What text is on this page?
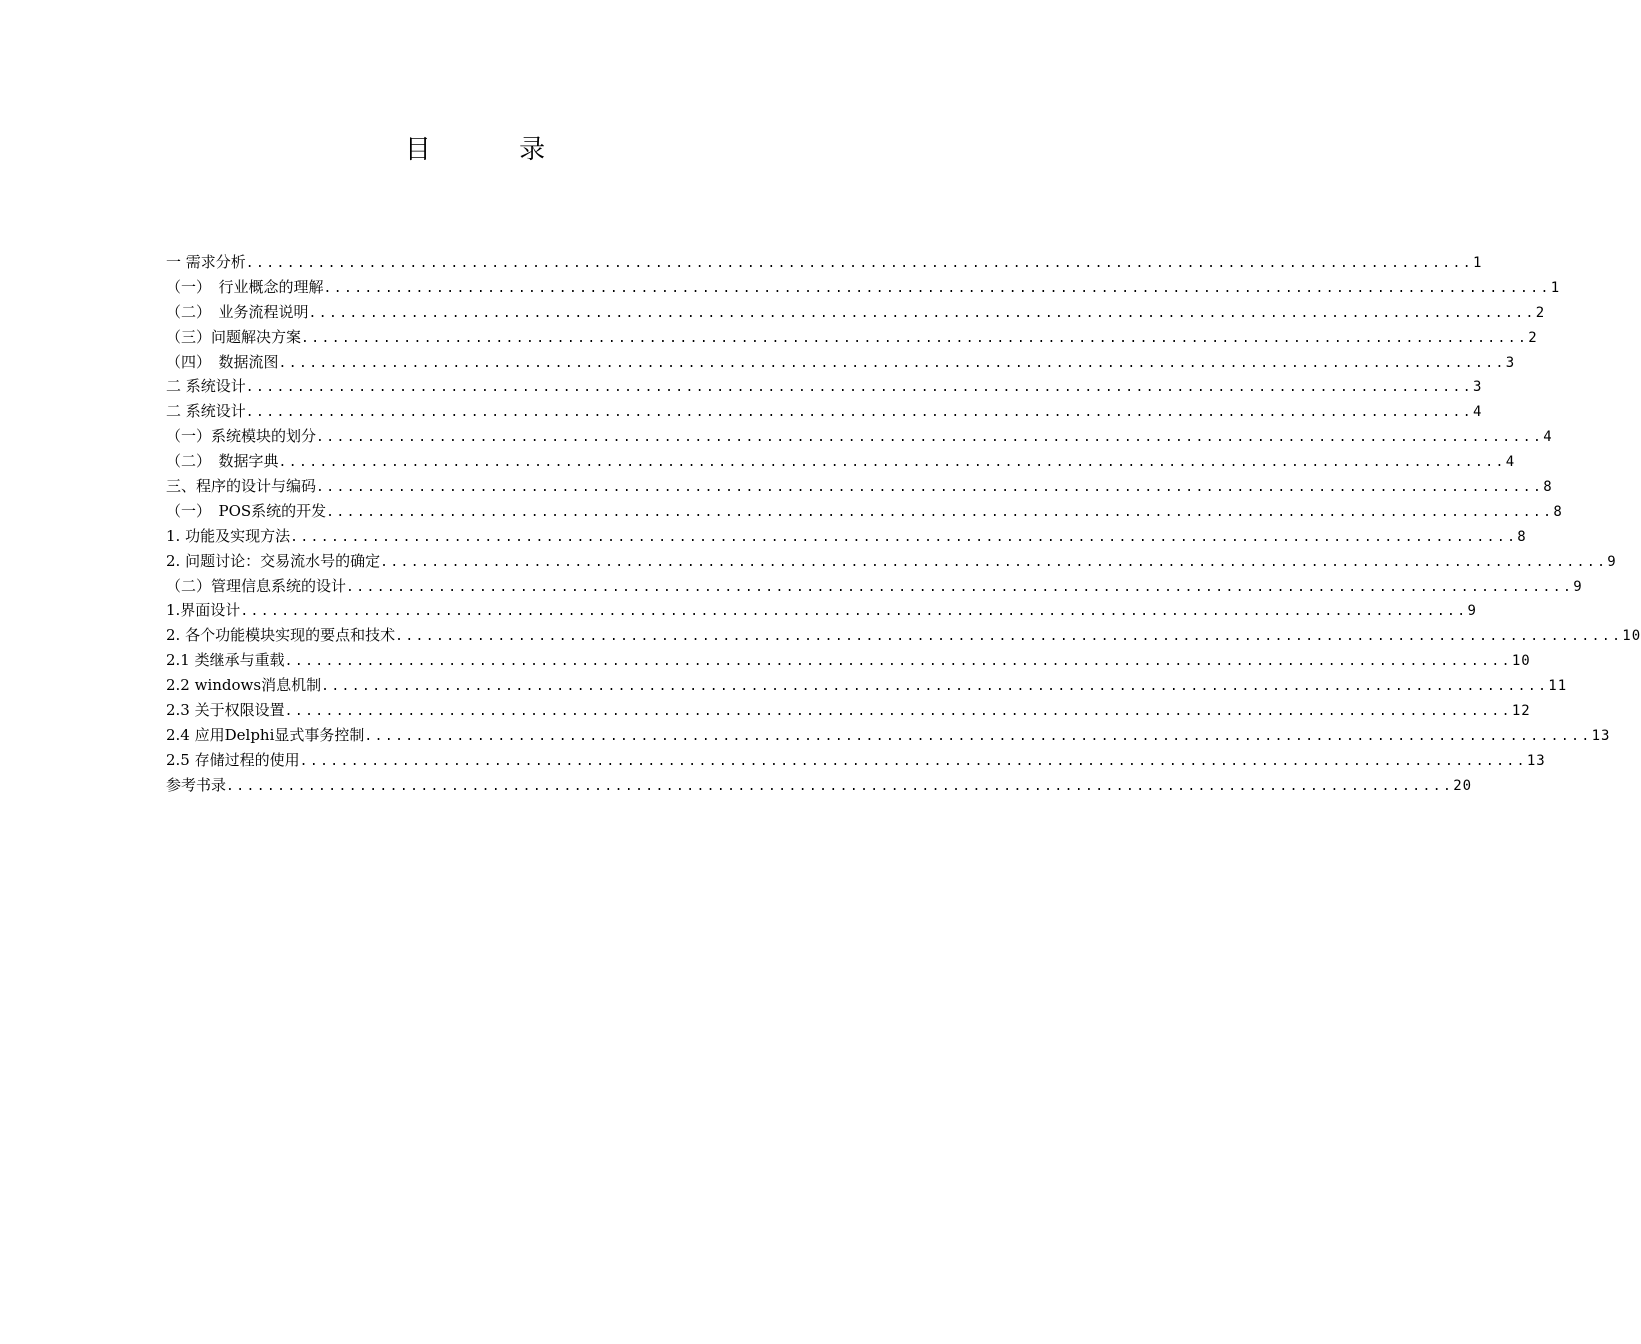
目 录
一 需求分析 ........................................................................................................................ 1
（一）　行业概念的理解 ........................................................................................................................ 1
（二）　业务流程说明 ........................................................................................................................ 2
（三）问题解决方案 ........................................................................................................................ 2
（四）　数据流图 ........................................................................................................................ 3
二 系统设计 ........................................................................................................................ 3
二 系统设计 ........................................................................................................................ 4
（一）系统模块的划分 ........................................................................................................................ 4
（二）　数据字典 ........................................................................................................................ 4
三、程序的设计与编码 ........................................................................................................................ 8
（一）　POS系统的开发 ........................................................................................................................ 8
1. 功能及实现方法 ........................................................................................................................ 8
2. 问题讨论：交易流水号的确定 ........................................................................................................................ 9
（二）管理信息系统的设计 ........................................................................................................................ 9
1.界面设计 ........................................................................................................................ 9
2. 各个功能模块实现的要点和技术 ........................................................................................................................ 10
2.1 类继承与重载 ........................................................................................................................ 10
2.2 windows消息机制 ........................................................................................................................ 11
2.3 关于权限设置 ........................................................................................................................ 12
2.4 应用Delphi显式事务控制 ........................................................................................................................ 13
2.5 存储过程的使用 ........................................................................................................................ 13
参考书录 ........................................................................................................................ 20
